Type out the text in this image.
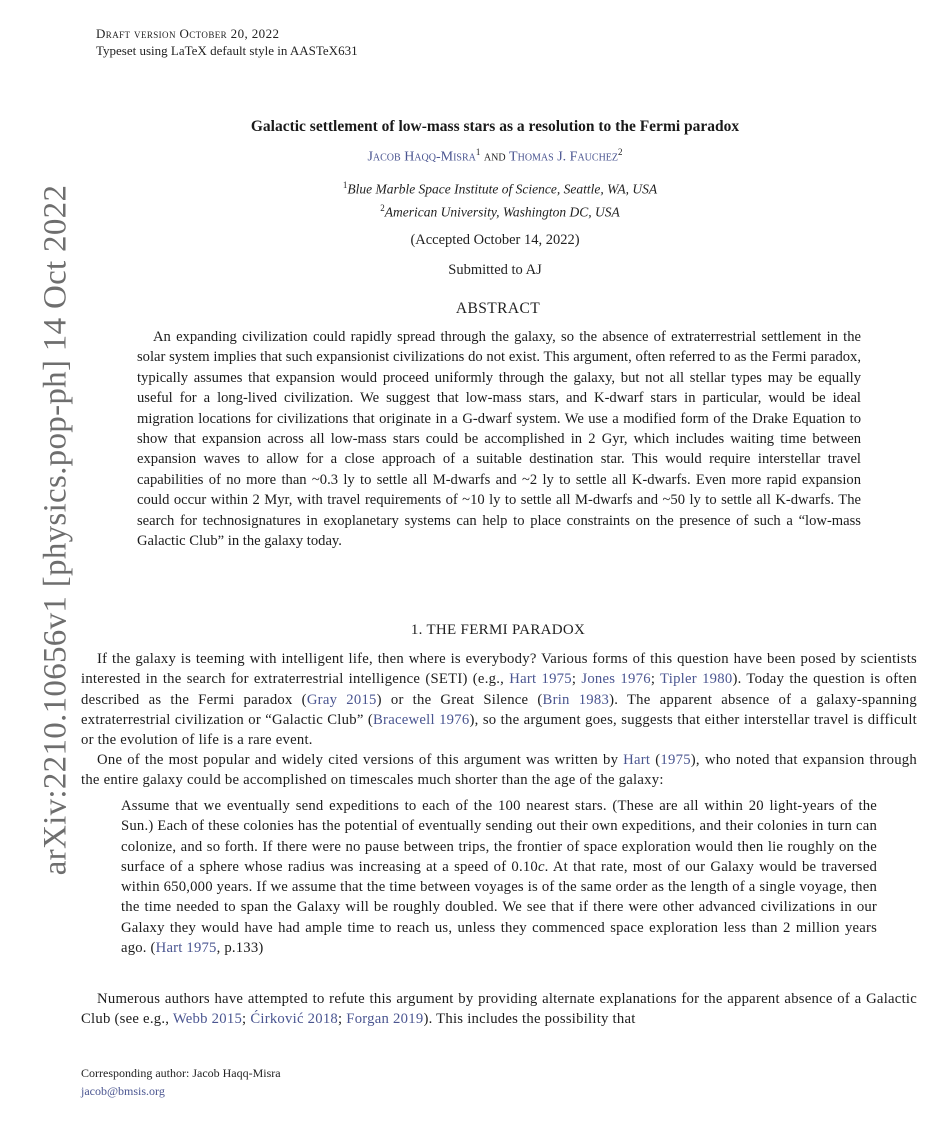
arXiv:2210.10656v1 [physics.pop-ph] 14 Oct 2022
Draft version October 20, 2022
Typeset using LaTeX default style in AASTeX631
Galactic settlement of low-mass stars as a resolution to the Fermi paradox
Jacob Haqq-Misra$^1$ and Thomas J. Fauchez$^2$
$^1$Blue Marble Space Institute of Science, Seattle, WA, USA
$^2$American University, Washington DC, USA
(Accepted October 14, 2022)
Submitted to AJ
ABSTRACT

An expanding civilization could rapidly spread through the galaxy, so the absence of extraterrestrial settlement in the solar system implies that such expansionist civilizations do not exist. This argument, often referred to as the Fermi paradox, typically assumes that expansion would proceed uniformly through the galaxy, but not all stellar types may be equally useful for a long-lived civilization. We suggest that low-mass stars, and K-dwarf stars in particular, would be ideal migration locations for civilizations that originate in a G-dwarf system. We use a modified form of the Drake Equation to show that expansion across all low-mass stars could be accomplished in 2 Gyr, which includes waiting time between expansion waves to allow for a close approach of a suitable destination star. This would require interstellar travel capabilities of no more than ~0.3 ly to settle all M-dwarfs and ~2 ly to settle all K-dwarfs. Even more rapid expansion could occur within 2 Myr, with travel requirements of ~10 ly to settle all M-dwarfs and ~50 ly to settle all K-dwarfs. The search for technosignatures in exoplanetary systems can help to place constraints on the presence of such a “low-mass Galactic Club” in the galaxy today.

1. THE FERMI PARADOX

If the galaxy is teeming with intelligent life, then where is everybody? Various forms of this question have been posed by scientists interested in the search for extraterrestrial intelligence (SETI) (e.g., Hart 1975; Jones 1976; Tipler 1980). Today the question is often described as the Fermi paradox (Gray 2015) or the Great Silence (Brin 1983). The apparent absence of a galaxy-spanning extraterrestrial civilization or “Galactic Club” (Bracewell 1976), so the argument goes, suggests that either interstellar travel is difficult or the evolution of life is a rare event.

One of the most popular and widely cited versions of this argument was written by Hart (1975), who noted that expansion through the entire galaxy could be accomplished on timescales much shorter than the age of the galaxy:

Assume that we eventually send expeditions to each of the 100 nearest stars. (These are all within 20 light-years of the Sun.) Each of these colonies has the potential of eventually sending out their own expeditions, and their colonies in turn can colonize, and so forth. If there were no pause between trips, the frontier of space exploration would then lie roughly on the surface of a sphere whose radius was increasing at a speed of 0.10c. At that rate, most of our Galaxy would be traversed within 650,000 years. If we assume that the time between voyages is of the same order as the length of a single voyage, then the time needed to span the Galaxy will be roughly doubled. We see that if there were other advanced civilizations in our Galaxy they would have had ample time to reach us, unless they commenced space exploration less than 2 million years ago. (Hart 1975, p.133)

Numerous authors have attempted to refute this argument by providing alternate explanations for the apparent absence of a Galactic Club (see e.g., Webb 2015; Ćirković 2018; Forgan 2019). This includes the possibility that

Corresponding author: Jacob Haqq-Misra
jacob@bmsis.org
